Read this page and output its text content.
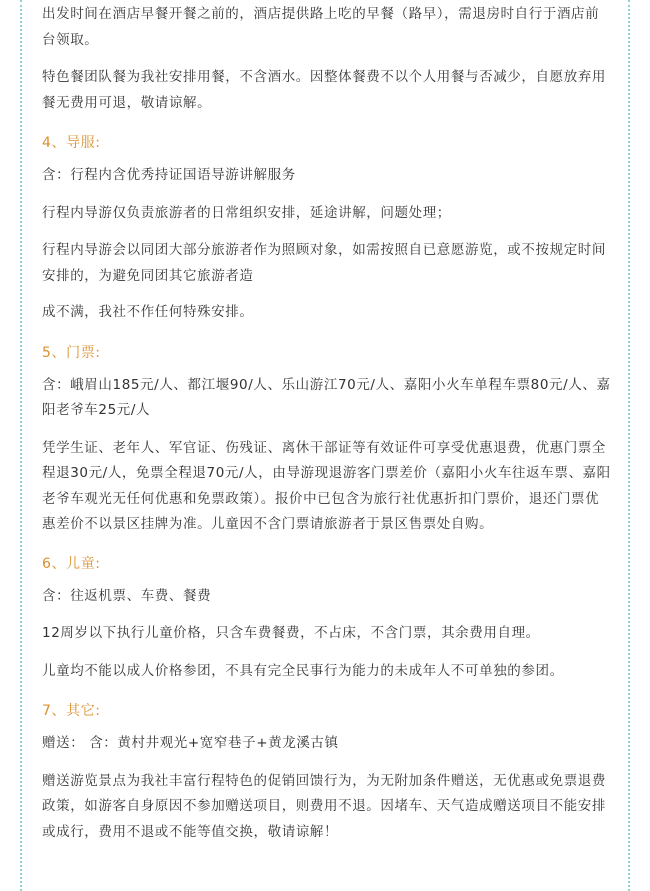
出发时间在酒店早餐开餐之前的，酒店提供路上吃的早餐（路早），需退房时自行于酒店前台领取。

特色餐团队餐为我社安排用餐，不含酒水。因整体餐费不以个人用餐与否减少，自愿放弃用餐无费用可退，敬请谅解。

4、导服:

含：行程内含优秀持证国语导游讲解服务

行程内导游仅负责旅游者的日常组织安排，延途讲解，问题处理；

行程内导游会以同团大部分旅游者作为照顾对象，如需按照自已意愿游览，或不按规定时间安排的，为避免同团其它旅游者造

成不满，我社不作任何特殊安排。

5、门票:

含：峨眉山185元/人、都江堰90/人、乐山游江70元/人、嘉阳小火车单程车票80元/人、嘉阳老爷车25元/人

凭学生证、老年人、军官证、伤残证、离休干部证等有效证件可享受优惠退费，优惠门票全程退30元/人，免票全程退70元/人，由导游现退游客门票差价（嘉阳小火车往返车票、嘉阳老爷车观光无任何优惠和免票政策）。报价中已包含为旅行社优惠折扣门票价，退还门票优惠差价不以景区挂牌为准。儿童因不含门票请旅游者于景区售票处自购。

6、儿童:

含：往返机票、车费、餐费

12周岁以下执行儿童价格，只含车费餐费，不占床，不含门票，其余费用自理。

儿童均不能以成人价格参团，不具有完全民事行为能力的未成年人不可单独的参团。

7、其它:

赠送： 含：黄村井观光+宽窄巷子+黄龙溪古镇

赠送游览景点为我社丰富行程特色的促销回馈行为，为无附加条件赠送，无优惠或免票退费政策，如游客自身原因不参加赠送项目，则费用不退。因堵车、天气造成赠送项目不能安排或成行，费用不退或不能等值交换，敬请谅解！
